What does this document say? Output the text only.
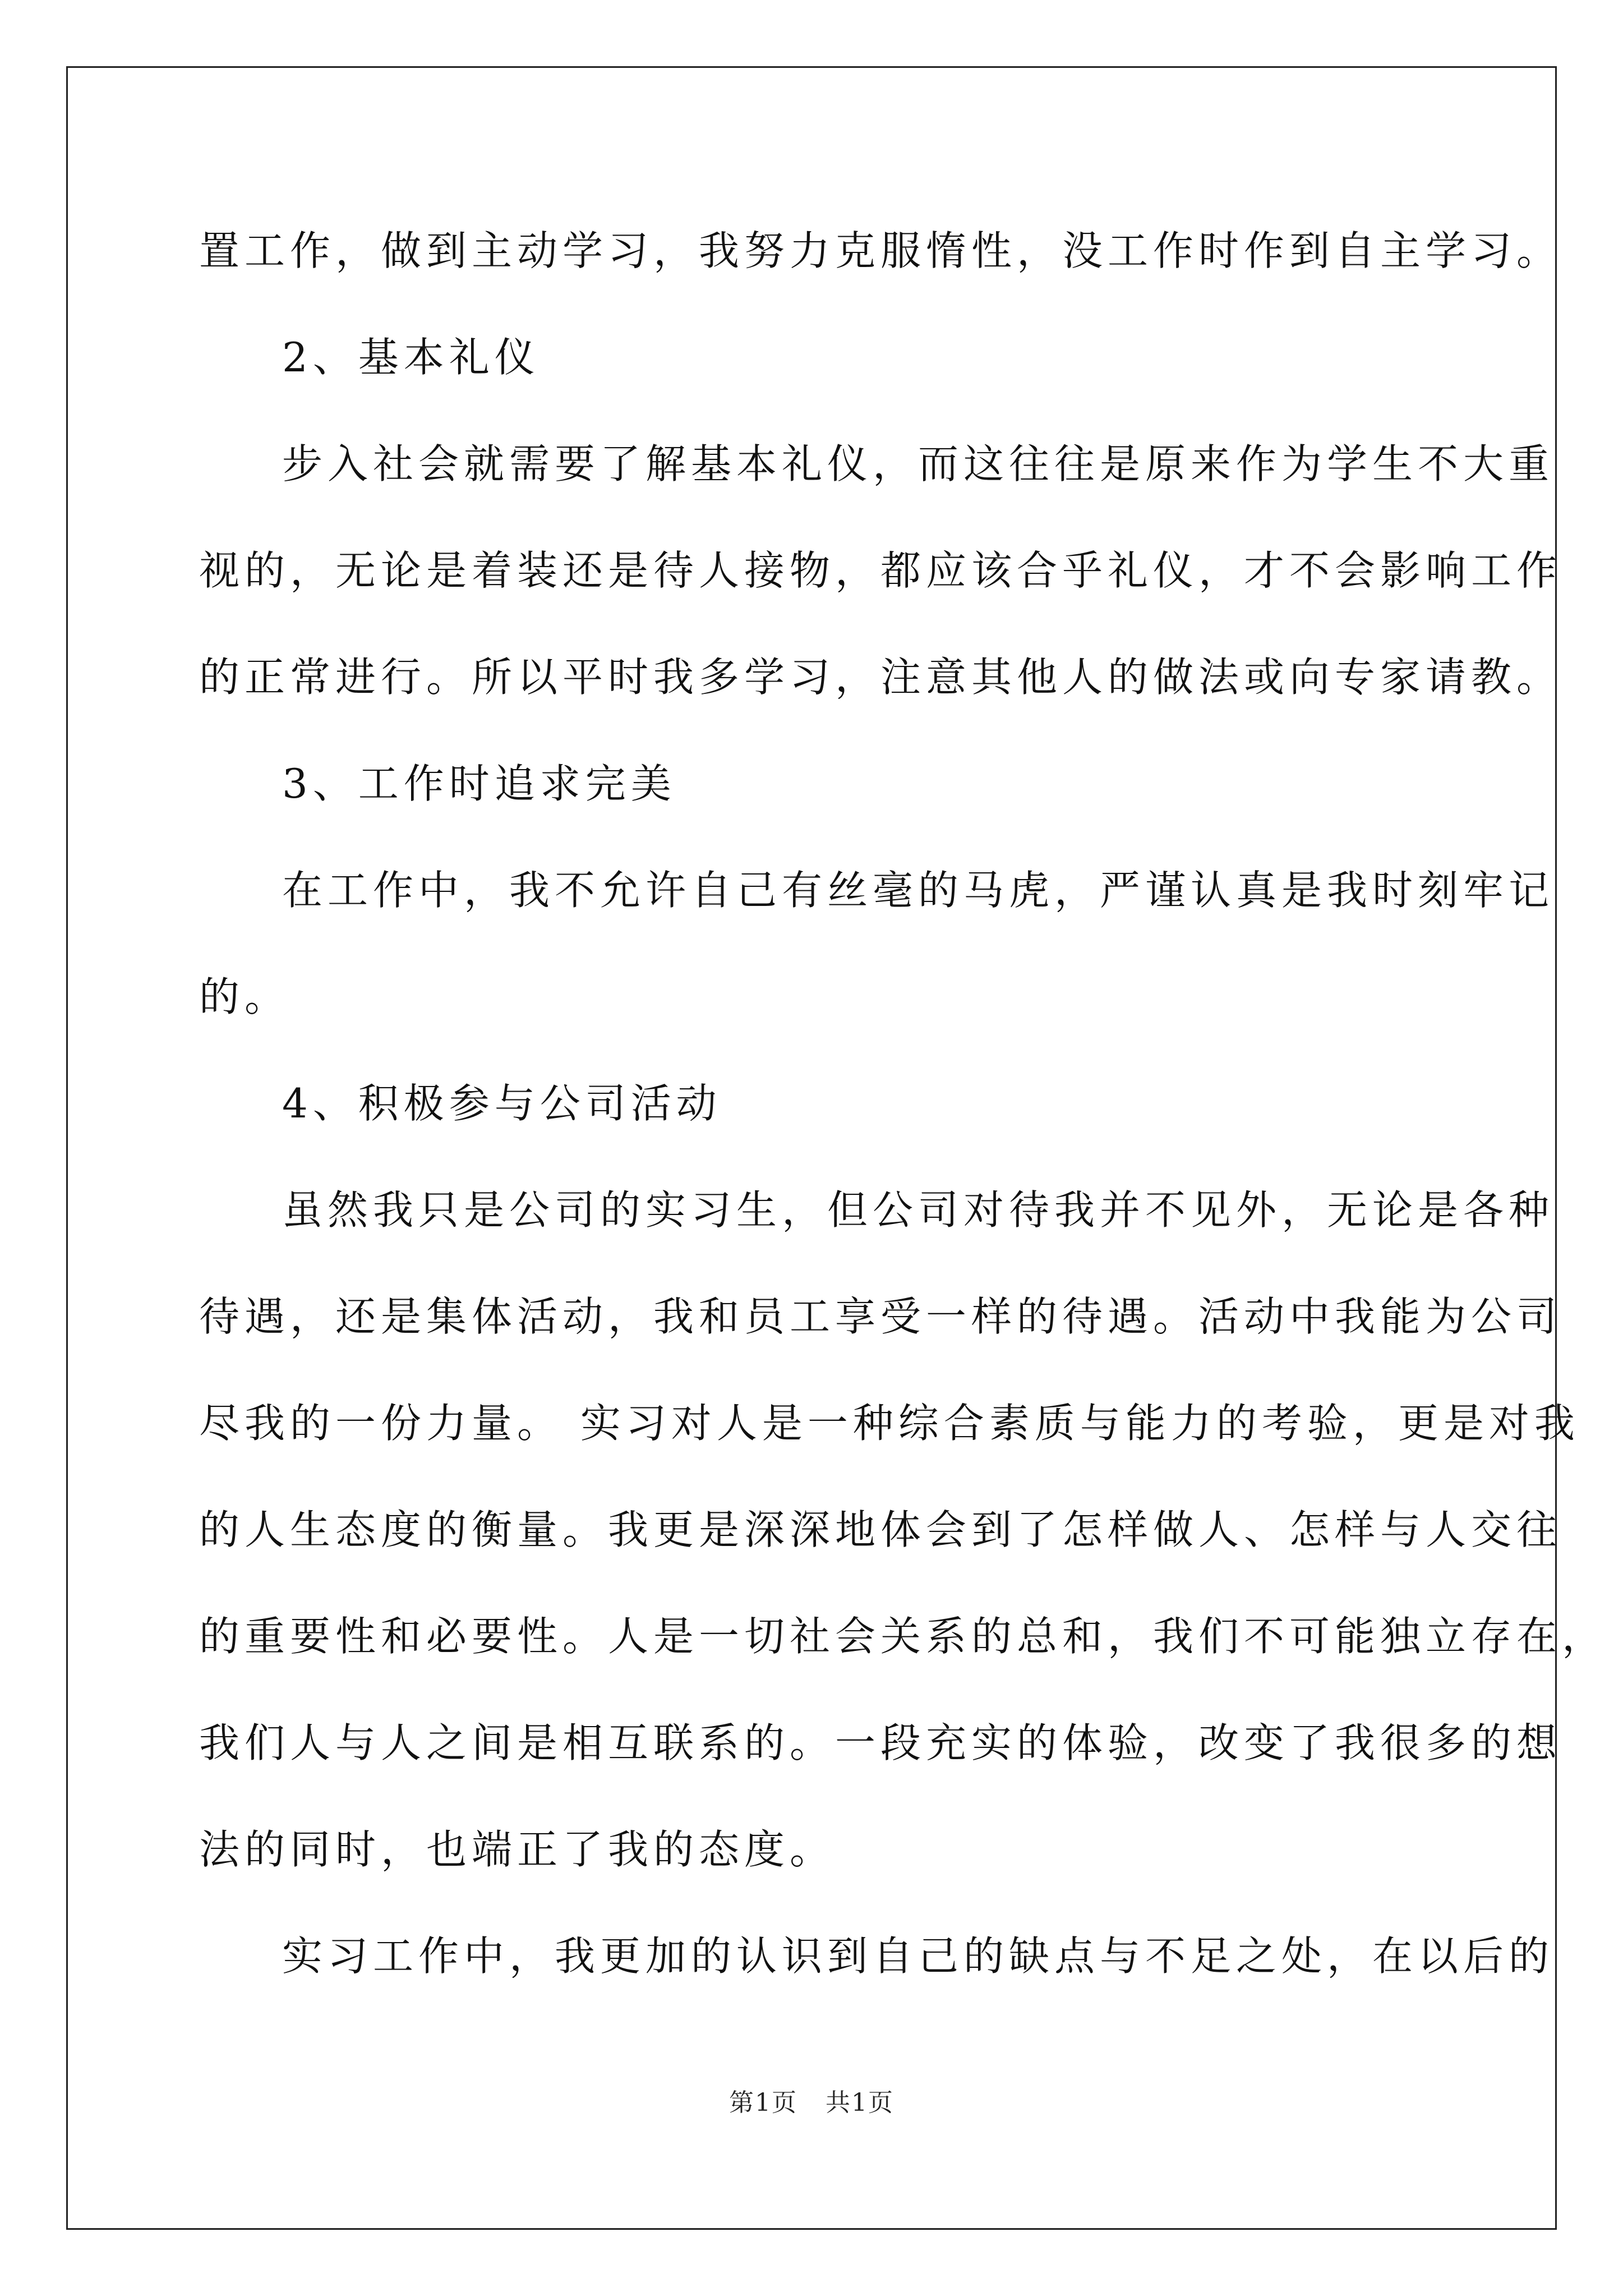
置工作，做到主动学习，我努力克服惰性，没工作时作到自主学习。
2、基本礼仪
步入社会就需要了解基本礼仪，而这往往是原来作为学生不大重
视的，无论是着装还是待人接物，都应该合乎礼仪，才不会影响工作
的正常进行。所以平时我多学习，注意其他人的做法或向专家请教。
3、工作时追求完美
在工作中，我不允许自己有丝毫的马虎，严谨认真是我时刻牢记
的。
4、积极参与公司活动
虽然我只是公司的实习生，但公司对待我并不见外，无论是各种
待遇，还是集体活动，我和员工享受一样的待遇。活动中我能为公司
尽我的一份力量。 实习对人是一种综合素质与能力的考验，更是对我
的人生态度的衡量。我更是深深地体会到了怎样做人、怎样与人交往
的重要性和必要性。人是一切社会关系的总和，我们不可能独立存在，
我们人与人之间是相互联系的。一段充实的体验，改变了我很多的想
法的同时，也端正了我的态度。
实习工作中，我更加的认识到自己的缺点与不足之处，在以后的
第1页 共1页
